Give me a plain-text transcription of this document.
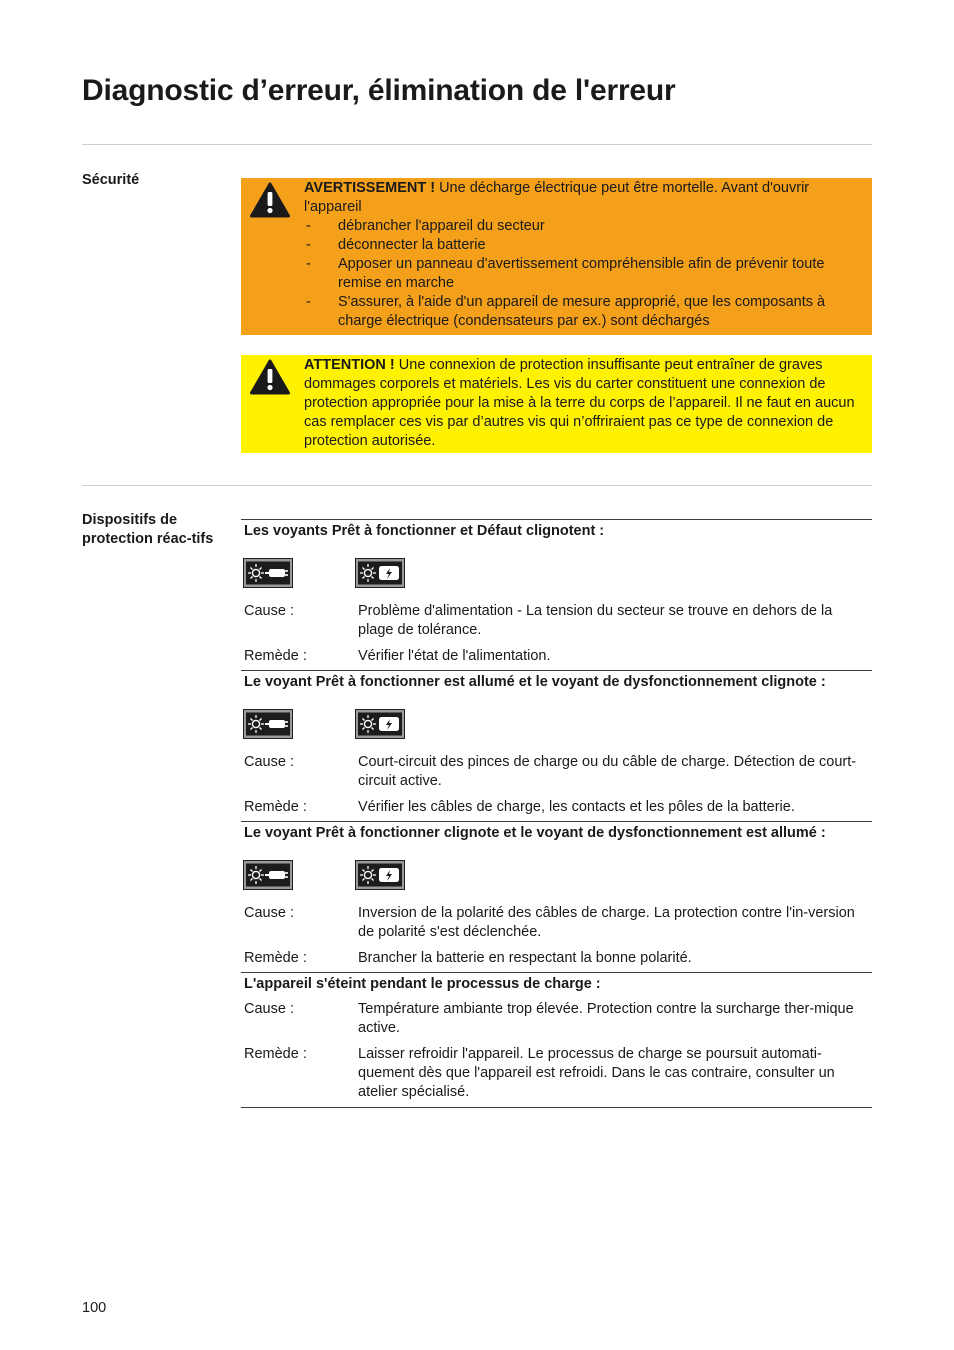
Diagnostic d’erreur, élimination de l'erreur
Sécurité	AVERTISSEMENT ! Une décharge électrique peut être mortelle. Avant d'ouvrir l'appareil
-	débrancher l'appareil du secteur
-	déconnecter la batterie
-	Apposer un panneau d'avertissement compréhensible afin de prévenir toute remise en marche
-	S'assurer, à l'aide d'un appareil de mesure approprié, que les composants à charge électrique (condensateurs par ex.) sont déchargés
ATTENTION ! Une connexion de protection insuffisante peut entraîner de graves dommages corporels et matériels. Les vis du carter constituent une connexion de protection appropriée pour la mise à la terre du corps de l’appareil. Il ne faut en aucun cas remplacer ces vis par d’autres vis qui n’offriraient pas ce type de connexion de protection autorisée.
Dispositifs de protection réac-tifs Les voyants Prêt à fonctionner et Défaut clignotent :
Cause :	Problème d'alimentation - La tension du secteur se trouve en dehors de la plage de tolérance.
Remède :	Vérifier l'état de l'alimentation.
Le voyant Prêt à fonctionner est allumé et le voyant de dysfonctionnement clignote :
Cause :	Court-circuit des pinces de charge ou du câble de charge. Détection de court-circuit active.
Remède :	Vérifier les câbles de charge, les contacts et les pôles de la batterie.
Le voyant Prêt à fonctionner clignote et le voyant de dysfonctionnement est allumé :
Cause :	Inversion de la polarité des câbles de charge. La protection contre l'in-version de polarité s'est déclenchée.
Remède :	Brancher la batterie en respectant la bonne polarité.
L'appareil s'éteint pendant le processus de charge :
Cause :	Température ambiante trop élevée. Protection contre la surcharge ther-mique active.
Remède :	Laisser refroidir l'appareil. Le processus de charge se poursuit automati-quement dès que l'appareil est refroidi. Dans le cas contraire, consulter un atelier spécialisé.
100
